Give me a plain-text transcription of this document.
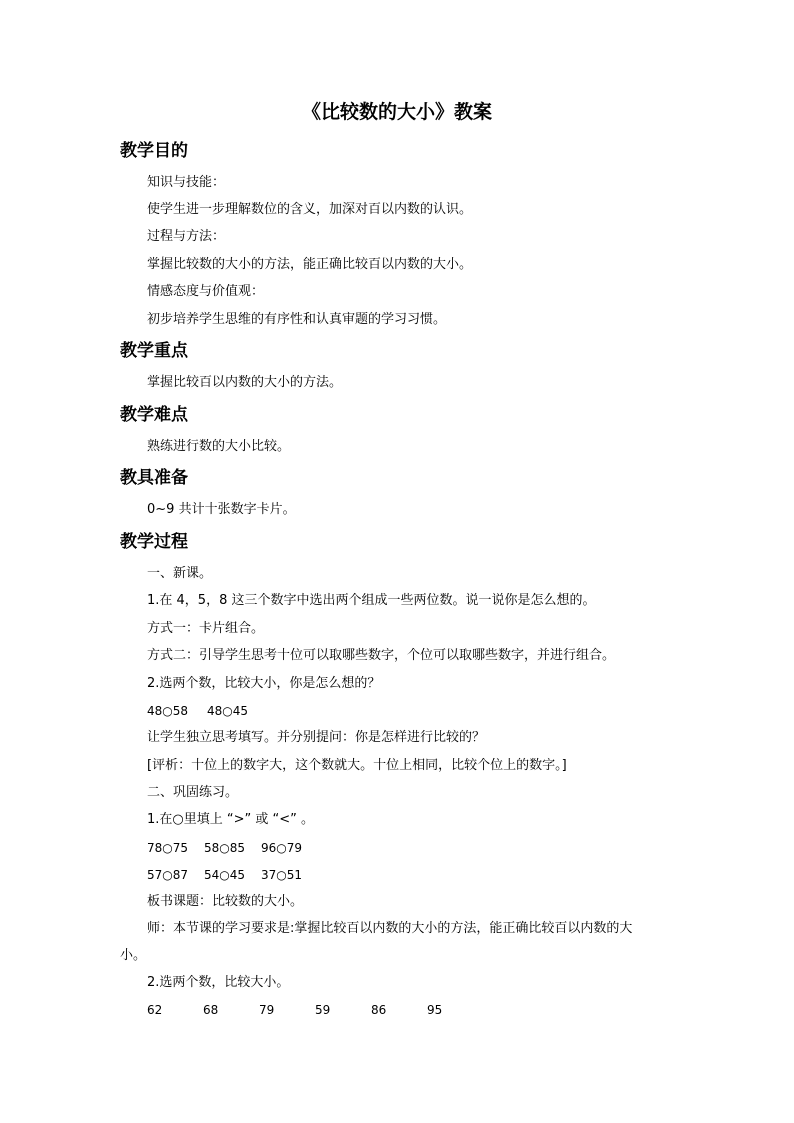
《比较数的大小》教案
教学目的
知识与技能：
使学生进一步理解数位的含义，加深对百以内数的认识。
过程与方法：
掌握比较数的大小的方法，能正确比较百以内数的大小。
情感态度与价值观：
初步培养学生思维的有序性和认真审题的学习习惯。
教学重点
掌握比较百以内数的大小的方法。
教学难点
熟练进行数的大小比较。
教具准备
0~9 共计十张数字卡片。
教学过程
一、新课。
1.在 4，5，8 这三个数字中选出两个组成一些两位数。说一说你是怎么想的。
方式一：卡片组合。
方式二：引导学生思考十位可以取哪些数字，个位可以取哪些数字，并进行组合。
2.选两个数，比较大小，你是怎么想的？
48○58 48○45
让学生独立思考填写。并分别提问：你是怎样进行比较的？
[评析：十位上的数字大，这个数就大。十位上相同，比较个位上的数字。]
二、巩固练习。
1.在○里填上 “>” 或 “<” 。
78○75 58○85 96○79
57○87 54○45 37○51
板书课题：比较数的大小。
师：本节课的学习要求是:掌握比较百以内数的大小的方法，能正确比较百以内数的大
小。
2.选两个数，比较大小。
62	68	79	59	86	95
